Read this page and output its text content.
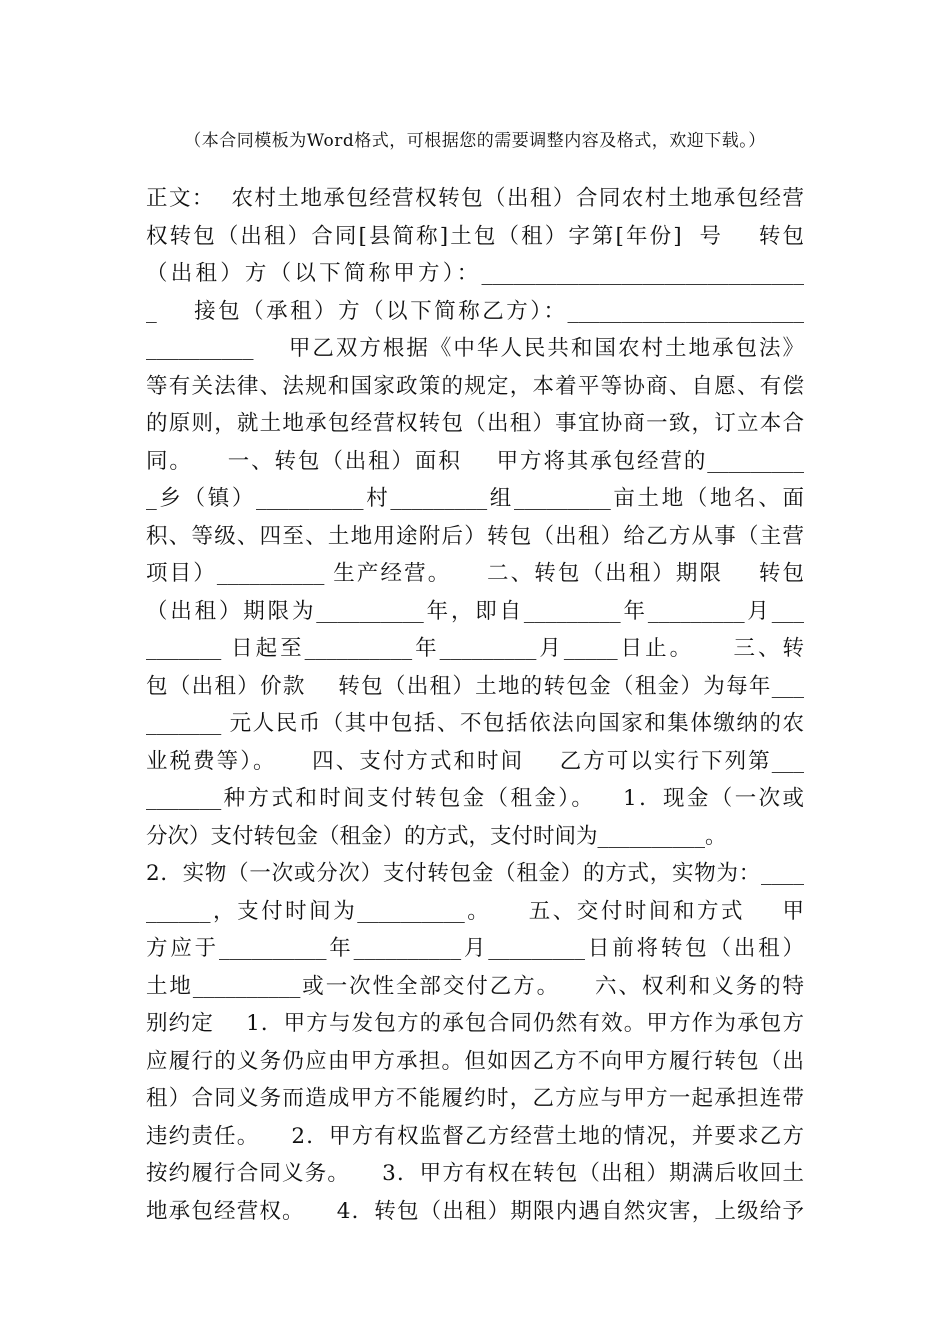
（本合同模板为Word格式，可根据您的需要调整内容及格式，欢迎下载。）
正文：  农村土地承包经营权转包（出租）合同农村土地承包经营
权转包（出租）合同[县简称]土包（租）字第[年份]  号    转包
（出租）方（以下简称甲方）：______________________________
_    接包（承租）方（以下简称乙方）：______________________
__________    甲乙双方根据《中华人民共和国农村土地承包法》
等有关法律、法规和国家政策的规定，本着平等协商、自愿、有偿
的原则，就土地承包经营权转包（出租）事宜协商一致，订立本合
同。    一、转包（出租）面积    甲方将其承包经营的_________
_乡（镇）__________村_________组_________亩土地（地名、面
积、等级、四至、土地用途附后）转包（出租）给乙方从事（主营
项目）__________ 生产经营。    二、转包（出租）期限    转包
（出租）期限为__________年，即自_________年_________月___
_______ 日起至__________年_________月_____日止。    三、转
包（出租）价款    转包（出租）土地的转包金（租金）为每年___
_______ 元人民币（其中包括、不包括依法向国家和集体缴纳的农
业税费等）。    四、支付方式和时间    乙方可以实行下列第___
_______种方式和时间支付转包金（租金）。   1．现金（一次或
分次）支付转包金（租金）的方式，支付时间为__________。
2．实物（一次或分次）支付转包金（租金）的方式，实物为：____
______，支付时间为__________。    五、交付时间和方式    甲
方应于__________年__________月_________日前将转包（出租）
土地__________或一次性全部交付乙方。    六、权利和义务的特
别约定    1．甲方与发包方的承包合同仍然有效。甲方作为承包方
应履行的义务仍应由甲方承担。但如因乙方不向甲方履行转包（出
租）合同义务而造成甲方不能履约时，乙方应与甲方一起承担连带
违约责任。    2．甲方有权监督乙方经营土地的情况，并要求乙方
按约履行合同义务。    3．甲方有权在转包（出租）期满后收回土
地承包经营权。    4．转包（出租）期限内遇自然灾害，上级给予
